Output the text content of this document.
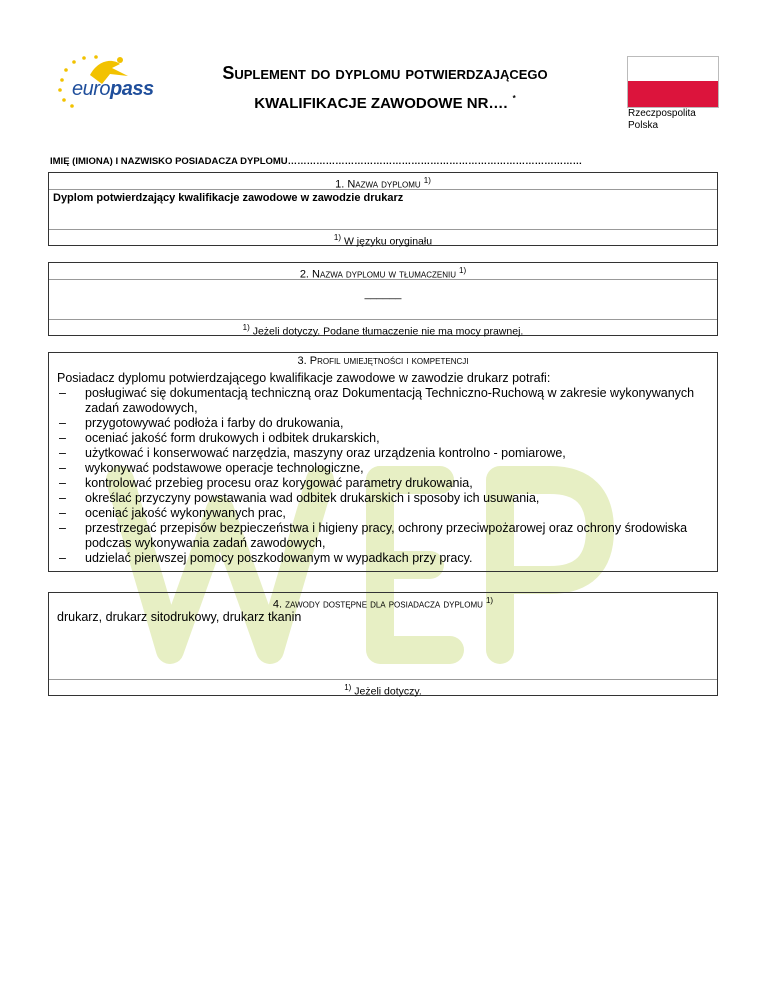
europass
Suplement do dyplomu potwierdzającego
KWALIFIKACJE ZAWODOWE NR…. *
Rzeczpospolita
Polska
IMIĘ (IMIONA) I NAZWISKO POSIADACZA DYPLOMU…………………………………………………………………………………
1. Nazwa dyplomu $^{1)}$
Dyplom potwierdzający kwalifikacje zawodowe w zawodzie drukarz
$^{1)}$ W języku oryginału
2. Nazwa dyplomu w tłumaczeniu $^{1)}$
______
$^{1)}$ Jeżeli dotyczy. Podane tłumaczenie nie ma mocy prawnej.
3. Profil umiejętności i kompetencji
Posiadacz dyplomu potwierdzającego kwalifikacje zawodowe w zawodzie drukarz potrafi:
– posługiwać się dokumentacją techniczną oraz Dokumentacją Techniczno-Ruchową w zakresie wykonywanych zadań zawodowych,
– przygotowywać podłoża i farby do drukowania,
– oceniać jakość form drukowych i odbitek drukarskich,
– użytkować i konserwować narzędzia, maszyny oraz urządzenia kontrolno - pomiarowe,
– wykonywać podstawowe operacje technologiczne,
– kontrolować przebieg procesu oraz korygować parametry drukowania,
– określać przyczyny powstawania wad odbitek drukarskich i sposoby ich usuwania,
– oceniać jakość wykonywanych prac,
– przestrzegać przepisów bezpieczeństwa i higieny pracy, ochrony przeciwpożarowej oraz ochrony środowiska podczas wykonywania zadań zawodowych,
– udzielać pierwszej pomocy poszkodowanym w wypadkach przy pracy.
4. zawody dostępne dla posiadacza dyplomu $^{1)}$
drukarz, drukarz sitodrukowy, drukarz tkanin
$^{1)}$ Jeżeli dotyczy.
